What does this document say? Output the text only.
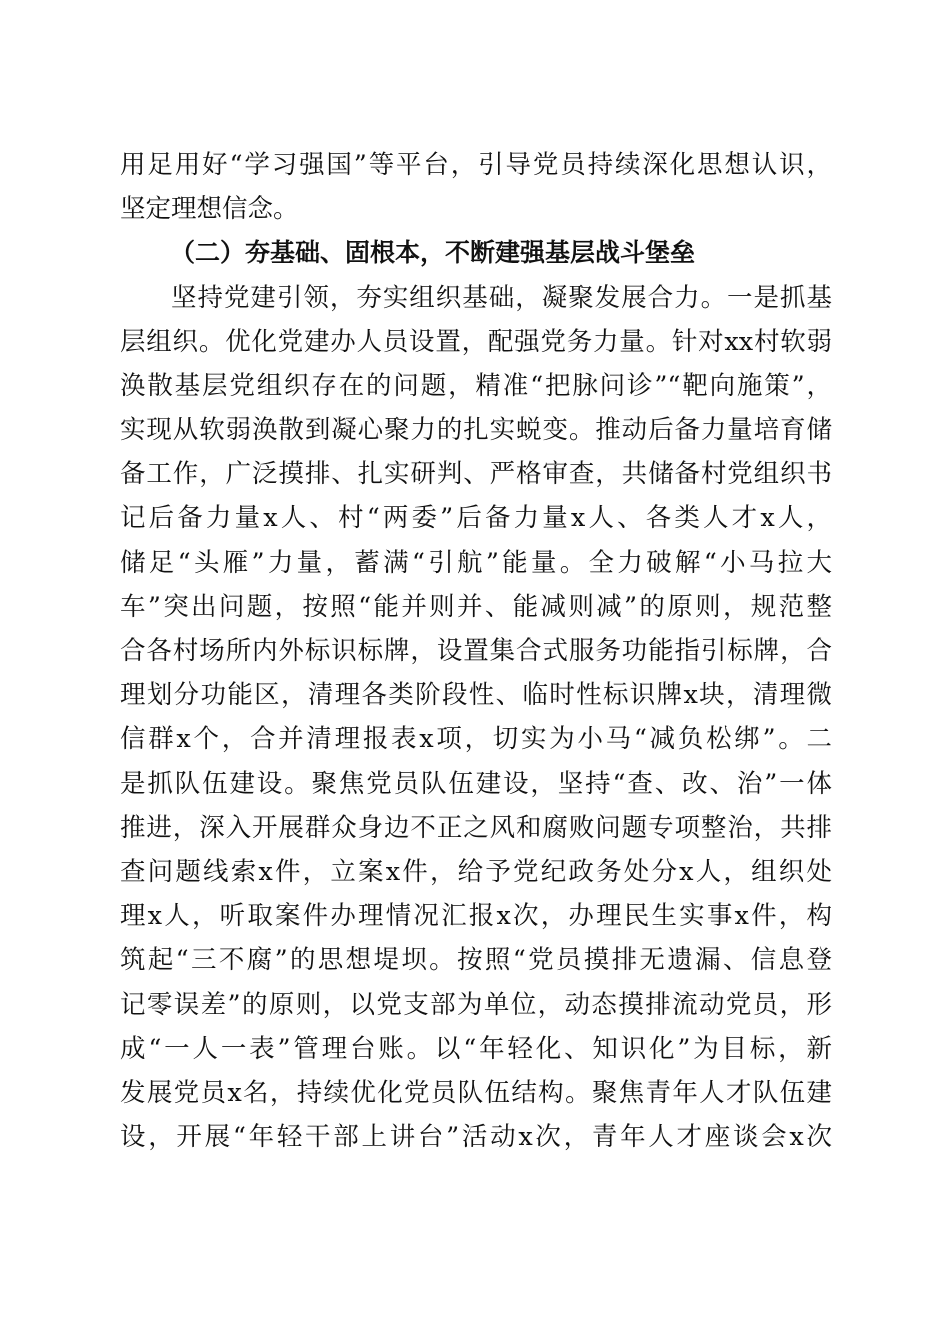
用足用好“学习强国”等平台，引导党员持续深化思想认识，
坚定理想信念。
（二）夯基础、固根本，不断建强基层战斗堡垒
坚持党建引领，夯实组织基础，凝聚发展合力。一是抓基
层组织。优化党建办人员设置，配强党务力量。针对xx村软弱
涣散基层党组织存在的问题，精准“把脉问诊”“靶向施策”，
实现从软弱涣散到凝心聚力的扎实蜕变。推动后备力量培育储
备工作，广泛摸排、扎实研判、严格审查，共储备村党组织书
记后备力量x人、村“两委”后备力量x人、各类人才x人，
储足“头雁”力量，蓄满“引航”能量。全力破解“小马拉大
车”突出问题，按照“能并则并、能减则减”的原则，规范整
合各村场所内外标识标牌，设置集合式服务功能指引标牌，合
理划分功能区，清理各类阶段性、临时性标识牌x块，清理微
信群x个，合并清理报表x项，切实为小马“减负松绑”。二
是抓队伍建设。聚焦党员队伍建设，坚持“查、改、治”一体
推进，深入开展群众身边不正之风和腐败问题专项整治，共排
查问题线索x件，立案x件，给予党纪政务处分x人，组织处
理x人，听取案件办理情况汇报x次，办理民生实事x件，构
筑起“三不腐”的思想堤坝。按照“党员摸排无遗漏、信息登
记零误差”的原则，以党支部为单位，动态摸排流动党员，形
成“一人一表”管理台账。以“年轻化、知识化”为目标，新
发展党员x名，持续优化党员队伍结构。聚焦青年人才队伍建
设，开展“年轻干部上讲台”活动x次，青年人才座谈会x次
